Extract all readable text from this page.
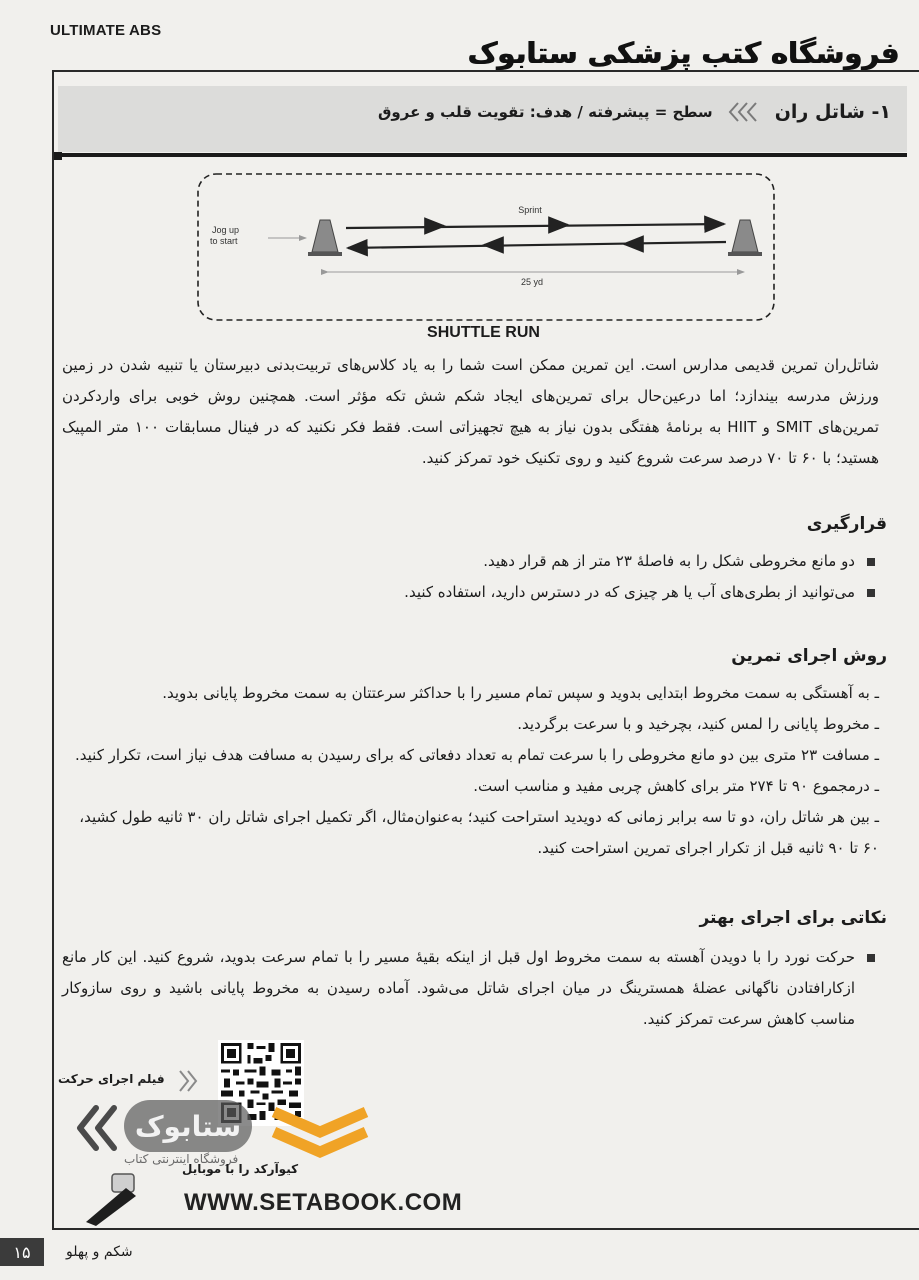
ULTIMATE ABS
فروشگاه کتب پزشکی ستابوک
۱- شاتل ران
سطح = پیشرفته / هدف: تقویت قلب و عروق
Jog up
to start
Sprint
25 yd
SHUTTLE RUN
شاتل‌ران تمرین قدیمی مدارس است. این تمرین ممکن است شما را به یاد کلاس‌های تربیت‌بدنی دبیرستان یا تنبیه شدن در زمین ورزش مدرسه بیندازد؛ اما درعین‌حال برای تمرین‌های ایجاد شکم شش تکه مؤثر است. همچنین روش خوبی برای واردکردن تمرین‌های SMIT و HIIT به برنامهٔ هفتگی بدون نیاز به هیچ تجهیزاتی است. فقط فکر نکنید که در فینال مسابقات ۱۰۰ متر المپیک هستید؛ با ۶۰ تا ۷۰ درصد سرعت شروع کنید و روی تکنیک خود تمرکز کنید.
قرارگیری
دو مانع مخروطی شکل را به فاصلهٔ ۲۳ متر از هم قرار دهید.
می‌توانید از بطری‌های آب یا هر چیزی که در دسترس دارید، استفاده کنید.
روش اجرای تمرین
ـ به آهستگی به سمت مخروط ابتدایی بدوید و سپس تمام مسیر را با حداکثر سرعتتان به سمت مخروط پایانی بدوید.
ـ مخروط پایانی را لمس کنید، بچرخید و با سرعت برگردید.
ـ مسافت ۲۳ متری بین دو مانع مخروطی را با سرعت تمام به تعداد دفعاتی که برای رسیدن به مسافت هدف نیاز است، تکرار کنید.
ـ درمجموع ۹۰ تا ۲۷۴ متر برای کاهش چربی مفید و مناسب است.
ـ بین هر شاتل ران، دو تا سه برابر زمانی که دویدید استراحت کنید؛ به‌عنوان‌مثال، اگر تکمیل اجرای شاتل ران ۳۰ ثانیه طول کشید، ۶۰ تا ۹۰ ثانیه قبل از تکرار اجرای تمرین استراحت کنید.
نکاتی برای اجرای بهتر
حرکت نورد را با دویدن آهسته به سمت مخروط اول قبل از اینکه بقیهٔ مسیر را با تمام سرعت بدوید، شروع کنید. این کار مانع ازکارافتادن ناگهانی عضلهٔ همسترینگ در میان اجرای شاتل می‌شود. آماده رسیدن به مخروط پایانی باشید و روی سازوکار مناسب کاهش سرعت تمرکز کنید.
فیلم اجرای حرکت
ستابوک
فروشگاه اینترنتی کتاب
کیوآرکد را با موبایل
WWW.SETABOOK.COM
۱۵	شکم و پهلو
